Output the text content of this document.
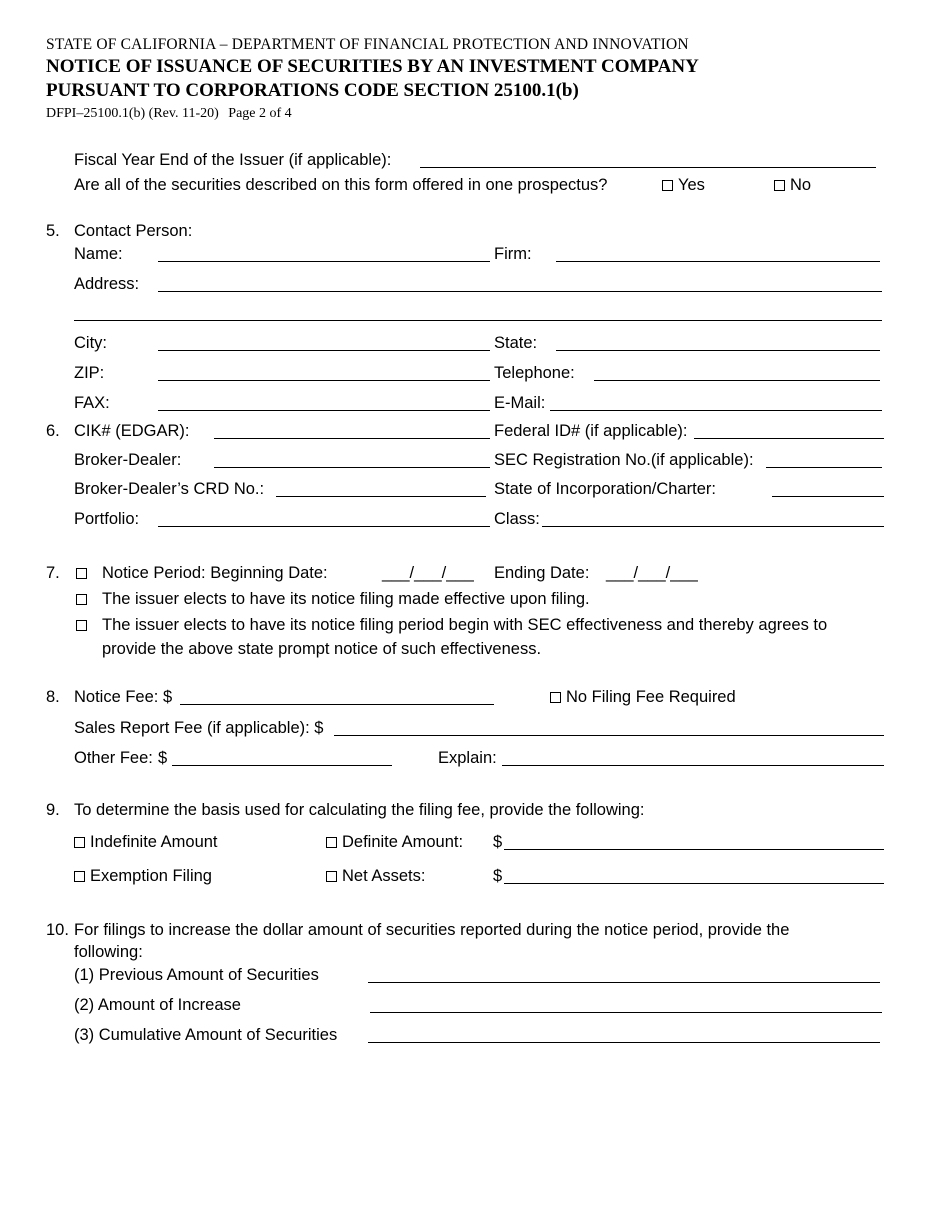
STATE OF CALIFORNIA – DEPARTMENT OF FINANCIAL PROTECTION AND INNOVATION
NOTICE OF ISSUANCE OF SECURITIES BY AN INVESTMENT COMPANY
PURSUANT TO CORPORATIONS CODE SECTION 25100.1(b)
DFPI–25100.1(b) (Rev. 11-20) Page 2 of 4
Fiscal Year End of the Issuer (if applicable):
Are all of the securities described on this form offered in one prospectus?	Yes	No
5. Contact Person:
Name:	Firm:
Address:
City:	State:
ZIP:	Telephone:
FAX:	E-Mail:
6. CIK# (EDGAR):	Federal ID# (if applicable):
Broker-Dealer:	SEC Registration No.(if applicable):
Broker-Dealer’s CRD No.:	State of Incorporation/Charter:
Portfolio:	Class:
7.	Notice Period: Beginning Date:	___/___/___ Ending Date: ___/___/___
The issuer elects to have its notice filing made effective upon filing.
The issuer elects to have its notice filing period begin with SEC effectiveness and thereby agrees to
provide the above state prompt notice of such effectiveness.
8. Notice Fee: $	No Filing Fee Required
Sales Report Fee (if applicable): $
Other Fee: $	Explain:
9. To determine the basis used for calculating the filing fee, provide the following:
Indefinite Amount	Definite Amount: $
Exemption Filing	Net Assets:	$
10. For filings to increase the dollar amount of securities reported during the notice period, provide the
following:
(1) Previous Amount of Securities
(2) Amount of Increase
(3) Cumulative Amount of Securities
